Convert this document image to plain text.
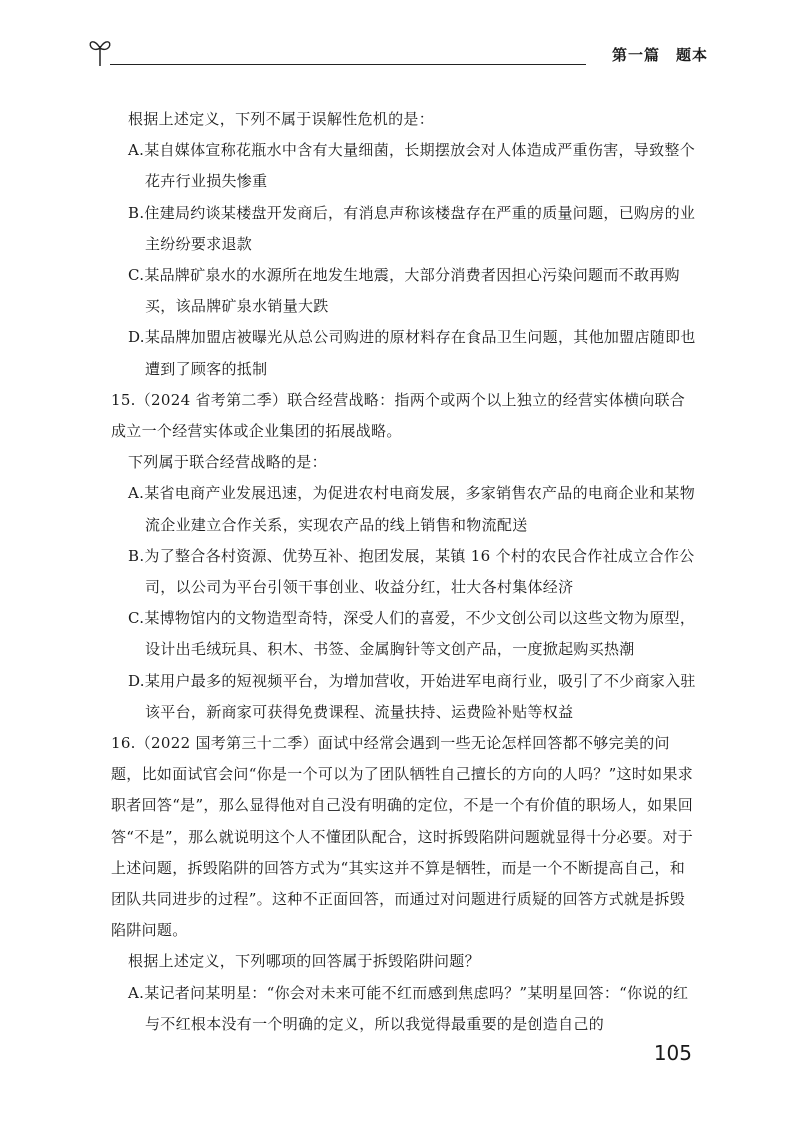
第一篇　题本
根据上述定义，下列不属于误解性危机的是：
A.某自媒体宣称花瓶水中含有大量细菌，长期摆放会对人体造成严重伤害，导致整个花卉行业损失惨重
B.住建局约谈某楼盘开发商后，有消息声称该楼盘存在严重的质量问题，已购房的业主纷纷要求退款
C.某品牌矿泉水的水源所在地发生地震，大部分消费者因担心污染问题而不敢再购买，该品牌矿泉水销量大跌
D.某品牌加盟店被曝光从总公司购进的原材料存在食品卫生问题，其他加盟店随即也遭到了顾客的抵制
15.（2024 省考第二季）联合经营战略：指两个或两个以上独立的经营实体横向联合成立一个经营实体或企业集团的拓展战略。
下列属于联合经营战略的是：
A.某省电商产业发展迅速，为促进农村电商发展，多家销售农产品的电商企业和某物流企业建立合作关系，实现农产品的线上销售和物流配送
B.为了整合各村资源、优势互补、抱团发展，某镇 16 个村的农民合作社成立合作公司，以公司为平台引领干事创业、收益分红，壮大各村集体经济
C.某博物馆内的文物造型奇特，深受人们的喜爱，不少文创公司以这些文物为原型，设计出毛绒玩具、积木、书签、金属胸针等文创产品，一度掀起购买热潮
D.某用户最多的短视频平台，为增加营收，开始进军电商行业，吸引了不少商家入驻该平台，新商家可获得免费课程、流量扶持、运费险补贴等权益
16.（2022 国考第三十二季）面试中经常会遇到一些无论怎样回答都不够完美的问题，比如面试官会问“你是一个可以为了团队牺牲自己擅长的方向的人吗？”这时如果求职者回答“是”，那么显得他对自己没有明确的定位，不是一个有价值的职场人，如果回答“不是”，那么就说明这个人不懂团队配合，这时拆毁陷阱问题就显得十分必要。对于上述问题，拆毁陷阱的回答方式为“其实这并不算是牺牲，而是一个不断提高自己，和团队共同进步的过程”。这种不正面回答，而通过对问题进行质疑的回答方式就是拆毁陷阱问题。
根据上述定义，下列哪项的回答属于拆毁陷阱问题？
A.某记者问某明星：“你会对未来可能不红而感到焦虑吗？”某明星回答：“你说的红与不红根本没有一个明确的定义，所以我觉得最重要的是创造自己的
105
